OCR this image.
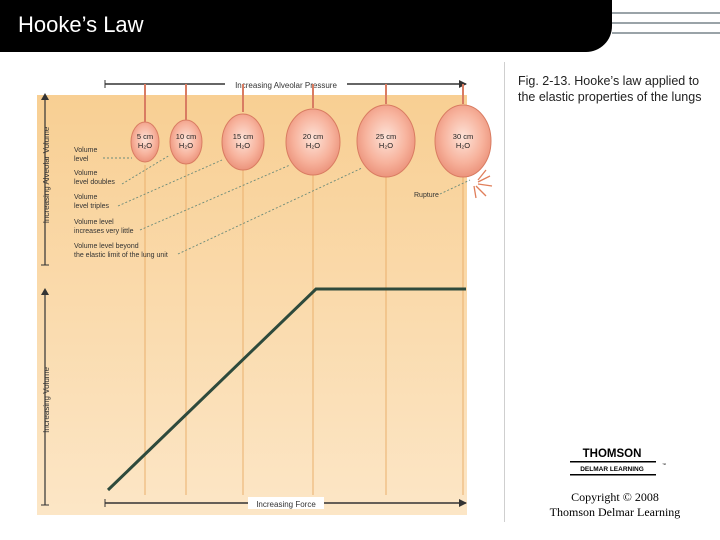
Hooke’s Law
Increasing Alveolar Pressure
Increasing Alveolar Volume
Increasing Volume
Increasing Force
5 cm
H₂O
10 cm
H₂O
15 cm
H₂O
20 cm
H₂O
25 cm
H₂O
30 cm
H₂O
Volume
level
Volume
level doubles
Volume
level triples
Volume level
increases very little
Volume level beyond
the elastic limit of the lung unit
Rupture
Fig. 2-13. Hooke’s law applied to the elastic properties of the lungs
THOMSON
DELMAR LEARNING
™
Copyright © 2008
Thomson Delmar Learning
